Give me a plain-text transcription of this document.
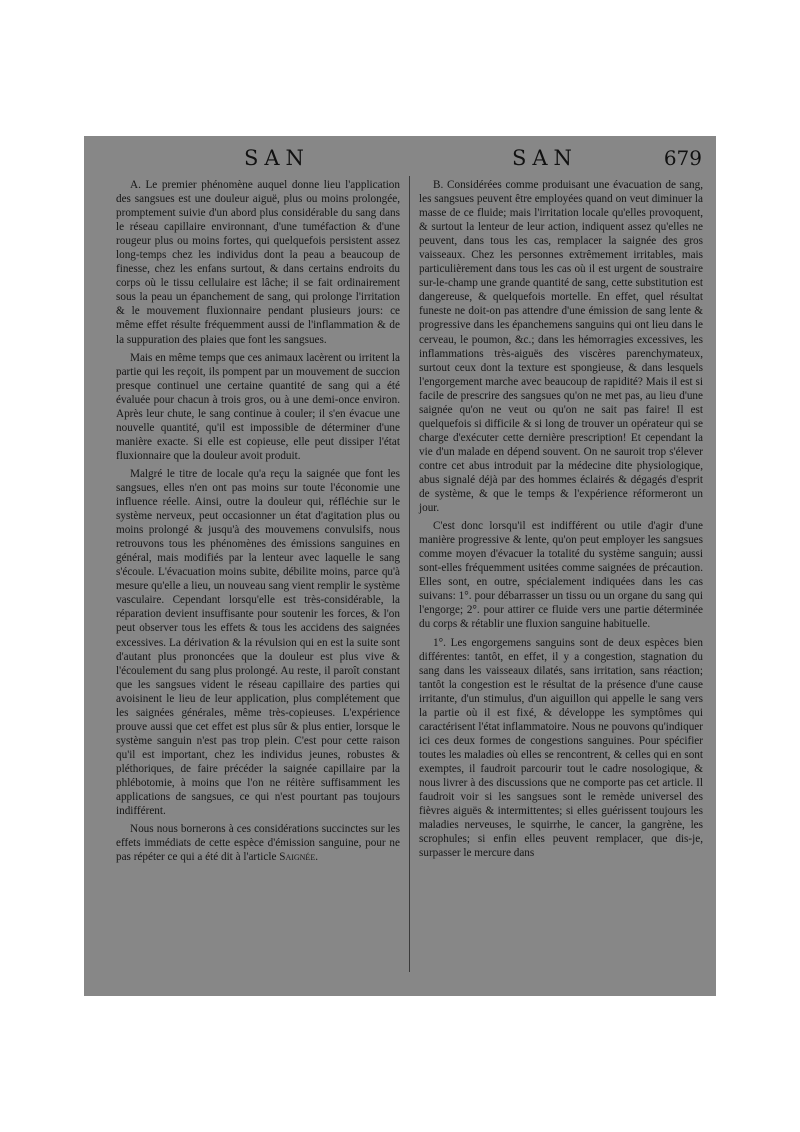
SAN	SAN	679

A. Le premier phénomène auquel donne lieu l'application des sangsues est une douleur aiguë, plus ou moins prolongée, promptement suivie d'un abord plus considérable du sang dans le réseau capillaire environnant, d'une tuméfaction & d'une rougeur plus ou moins fortes, qui quelquefois persistent assez long-temps chez les individus dont la peau a beaucoup de finesse, chez les enfans surtout, & dans certains endroits du corps où le tissu cellulaire est lâche; il se fait ordinairement sous la peau un épanchement de sang, qui prolonge l'irritation & le mouvement fluxionnaire pendant plusieurs jours: ce même effet résulte fréquemment aussi de l'inflammation & de la suppuration des plaies que font les sangsues.

Mais en même temps que ces animaux lacèrent ou irritent la partie qui les reçoit, ils pompent par un mouvement de succion presque continuel une certaine quantité de sang qui a été évaluée pour chacun à trois gros, ou à une demi-once environ. Après leur chute, le sang continue à couler; il s'en évacue une nouvelle quantité, qu'il est impossible de déterminer d'une manière exacte. Si elle est copieuse, elle peut dissiper l'état fluxionnaire que la douleur avoit produit.

Malgré le titre de locale qu'a reçu la saignée que font les sangsues, elles n'en ont pas moins sur toute l'économie une influence réelle. Ainsi, outre la douleur qui, réfléchie sur le système nerveux, peut occasionner un état d'agitation plus ou moins prolongé & jusqu'à des mouvemens convulsifs, nous retrouvons tous les phénomènes des émissions sanguines en général, mais modifiés par la lenteur avec laquelle le sang s'écoule. L'évacuation moins subite, débilite moins, parce qu'à mesure qu'elle a lieu, un nouveau sang vient remplir le système vasculaire. Cependant lorsqu'elle est très-considérable, la réparation devient insuffisante pour soutenir les forces, & l'on peut observer tous les effets & tous les accidens des saignées excessives. La dérivation & la révulsion qui en est la suite sont d'autant plus prononcées que la douleur est plus vive & l'écoulement du sang plus prolongé. Au reste, il paroît constant que les sangsues vident le réseau capillaire des parties qui avoisinent le lieu de leur application, plus complétement que les saignées générales, même très-copieuses. L'expérience prouve aussi que cet effet est plus sûr & plus entier, lorsque le système sanguin n'est pas trop plein. C'est pour cette raison qu'il est important, chez les individus jeunes, robustes & pléthoriques, de faire précéder la saignée capillaire par la phlébotomie, à moins que l'on ne réitère suffisamment les applications de sangsues, ce qui n'est pourtant pas toujours indifférent.

Nous nous bornerons à ces considérations succinctes sur les effets immédiats de cette espèce d'émission sanguine, pour ne pas répéter ce qui a été dit à l'article Saignée.

B. Considérées comme produisant une évacuation de sang, les sangsues peuvent être employées quand on veut diminuer la masse de ce fluide; mais l'irritation locale qu'elles provoquent, & surtout la lenteur de leur action, indiquent assez qu'elles ne peuvent, dans tous les cas, remplacer la saignée des gros vaisseaux. Chez les personnes extrêmement irritables, mais particulièrement dans tous les cas où il est urgent de soustraire sur-le-champ une grande quantité de sang, cette substitution est dangereuse, & quelquefois mortelle. En effet, quel résultat funeste ne doit-on pas attendre d'une émission de sang lente & progressive dans les épanchemens sanguins qui ont lieu dans le cerveau, le poumon, &c.; dans les hémorragies excessives, les inflammations très-aiguës des viscères parenchymateux, surtout ceux dont la texture est spongieuse, & dans lesquels l'engorgement marche avec beaucoup de rapidité? Mais il est si facile de prescrire des sangsues qu'on ne met pas, au lieu d'une saignée qu'on ne veut ou qu'on ne sait pas faire! Il est quelquefois si difficile & si long de trouver un opérateur qui se charge d'exécuter cette dernière prescription! Et cependant la vie d'un malade en dépend souvent. On ne sauroit trop s'élever contre cet abus introduit par la médecine dite physiologique, abus signalé déjà par des hommes éclairés & dégagés d'esprit de système, & que le temps & l'expérience réformeront un jour.

C'est donc lorsqu'il est indifférent ou utile d'agir d'une manière progressive & lente, qu'on peut employer les sangsues comme moyen d'évacuer la totalité du système sanguin; aussi sont-elles fréquemment usitées comme saignées de précaution. Elles sont, en outre, spécialement indiquées dans les cas suivans: 1°. pour débarrasser un tissu ou un organe du sang qui l'engorge; 2°. pour attirer ce fluide vers une partie déterminée du corps & rétablir une fluxion sanguine habituelle.

1°. Les engorgemens sanguins sont de deux espèces bien différentes: tantôt, en effet, il y a congestion, stagnation du sang dans les vaisseaux dilatés, sans irritation, sans réaction; tantôt la congestion est le résultat de la présence d'une cause irritante, d'un stimulus, d'un aiguillon qui appelle le sang vers la partie où il est fixé, & développe les symptômes qui caractérisent l'état inflammatoire. Nous ne pouvons qu'indiquer ici ces deux formes de congestions sanguines. Pour spécifier toutes les maladies où elles se rencontrent, & celles qui en sont exemptes, il faudroit parcourir tout le cadre nosologique, & nous livrer à des discussions que ne comporte pas cet article. Il faudroit voir si les sangsues sont le remède universel des fièvres aiguës & intermittentes; si elles guérissent toujours les maladies nerveuses, le squirrhe, le cancer, la gangrène, les scrophules; si enfin elles peuvent remplacer, que dis-je, surpasser le mercure dans
